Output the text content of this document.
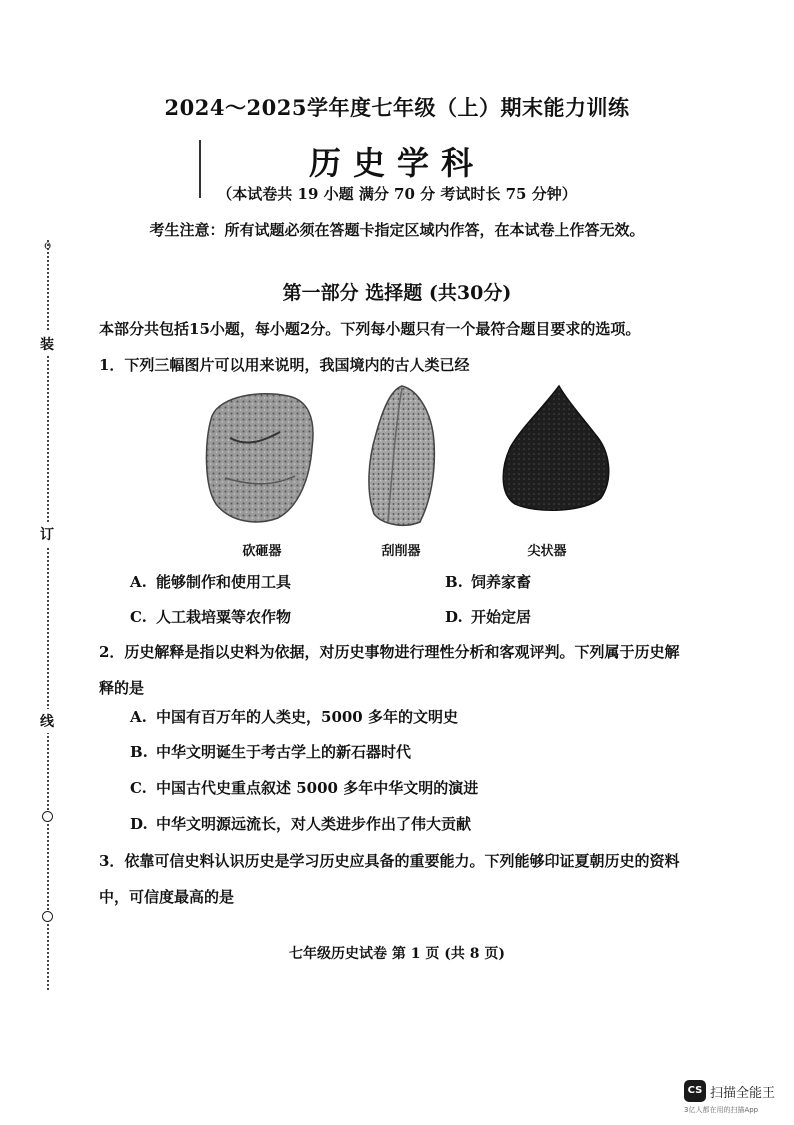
o
装
订
线
2024～2025学年度七年级（上）期末能力训练
历史学科
（本试卷共 19 小题 满分 70 分 考试时长 75 分钟）
考生注意：所有试题必须在答题卡指定区域内作答，在本试卷上作答无效。
第一部分 选择题 (共30分)
本部分共包括15小题，每小题2分。下列每小题只有一个最符合题目要求的选项。
1．下列三幅图片可以用来说明，我国境内的古人类已经
砍砸器	刮削器	尖状器
A. 能够制作和使用工具	B. 饲养家畜
C. 人工栽培粟等农作物	D. 开始定居
2．历史解释是指以史料为依据，对历史事物进行理性分析和客观评判。下列属于历史解
释的是
A. 中国有百万年的人类史，5000 多年的文明史
B. 中华文明诞生于考古学上的新石器时代
C. 中国古代史重点叙述 5000 多年中华文明的演进
D. 中华文明源远流长，对人类进步作出了伟大贡献
3．依靠可信史料认识历史是学习历史应具备的重要能力。下列能够印证夏朝历史的资料
中，可信度最高的是
七年级历史试卷 第 1 页 (共 8 页)
CS 扫描全能王
3亿人都在用的扫描App
